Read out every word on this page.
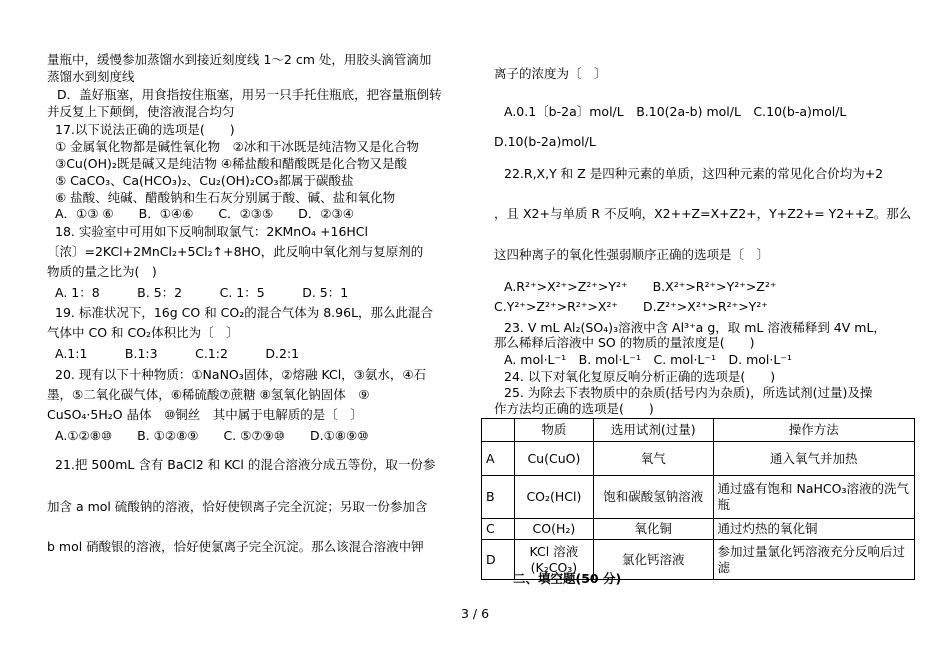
量瓶中，缓慢参加蒸馏水到接近刻度线 1～2 cm 处，用胶头滴管滴加
蒸馏水到刻度线
D．盖好瓶塞，用食指按住瓶塞，用另一只手托住瓶底，把容量瓶倒转
并反复上下颠倒，使溶液混合均匀
17.以下说法正确的选项是(　　)
① 金属氧化物都是碱性氧化物　②冰和干冰既是纯洁物又是化合物
③Cu(OH)₂既是碱又是纯洁物 ④稀盐酸和醋酸既是化合物又是酸
⑤ CaCO₃、Ca(HCO₃)₂、Cu₂(OH)₂CO₃都属于碳酸盐
⑥ 盐酸、纯碱、醋酸钠和生石灰分别属于酸、碱、盐和氧化物
A．①③ ⑥　　B．①④⑥　　C．②③⑤　　D．②③④
18. 实验室中可用如下反响制取氯气：2KMnO₄ +16HCl
〔浓〕=2KCl+2MnCl₂+5Cl₂↑+8HO，此反响中氧化剂与复原剂的
物质的量之比为(　)
A. 1：8　　　B. 5：2　　　C. 1：5　　　D. 5：1
19. 标准状况下，16g CO 和 CO₂的混合气体为 8.96L，那么此混合
气体中 CO 和 CO₂体积比为〔　〕
A.1:1　　　B.1:3　　　C.1:2　　　D.2:1
20. 现有以下十种物质：①NaNO₃固体，②熔融 KCl，③氨水，④石
墨，⑤二氧化碳气体，⑥稀硫酸⑦蔗糖 ⑧氢氧化钠固体　⑨
CuSO₄·5H₂O 晶体　⑩铜丝　其中属于电解质的是〔　〕
A.①②⑧⑩　　B. ①②⑧⑨　　C. ⑤⑦⑨⑩　　D.①⑧⑨⑩
21.把 500mL 含有 BaCl2 和 KCl 的混合溶液分成五等份，取一份参
加含 a mol 硫酸钠的溶液，恰好使钡离子完全沉淀；另取一份参加含
b mol 硝酸银的溶液，恰好使氯离子完全沉淀。那么该混合溶液中钾
离子的浓度为〔　〕
A.0.1〔b-2a〕mol/L　B.10(2a-b) mol/L　C.10(b-a)mol/L
D.10(b-2a)mol/L
22.R,X,Y 和 Z 是四种元素的单质，这四种元素的常见化合价均为+2
，且 X2+与单质 R 不反响，X2++Z=X+Z2+，Y+Z2+= Y2++Z。那么
这四种离子的氧化性强弱顺序正确的选项是〔　〕
A.R²⁺>X²⁺>Z²⁺>Y²⁺　　B.X²⁺>R²⁺>Y²⁺>Z²⁺
C.Y²⁺>Z²⁺>R²⁺>X²⁺　　D.Z²⁺>X²⁺>R²⁺>Y²⁺
23. V mL Al₂(SO₄)₃溶液中含 Al³⁺a g，取 mL 溶液稀释到 4V mL，
那么稀释后溶液中 SO 的物质的量浓度是(　　)
A. mol·L⁻¹　B. mol·L⁻¹　C. mol·L⁻¹　D. mol·L⁻¹
24. 以下对氧化复原反响分析正确的选项是(　　)
25. 为除去下表物质中的杂质(括号内为杂质)，所选试剂(过量)及操
作方法均正确的选项是(　　)
	物质	选用试剂(过量)	操作方法
A	Cu(CuO)	氧气	通入氧气并加热
B	CO₂(HCl)	饱和碳酸氢钠溶液	通过盛有饱和 NaHCO₃溶液的洗气瓶
C	CO(H₂)	氧化铜	通过灼热的氧化铜
D	KCl 溶液(K₂CO₃)	氯化钙溶液	参加过量氯化钙溶液充分反响后过滤
二、填空题(50 分)
3 / 6
